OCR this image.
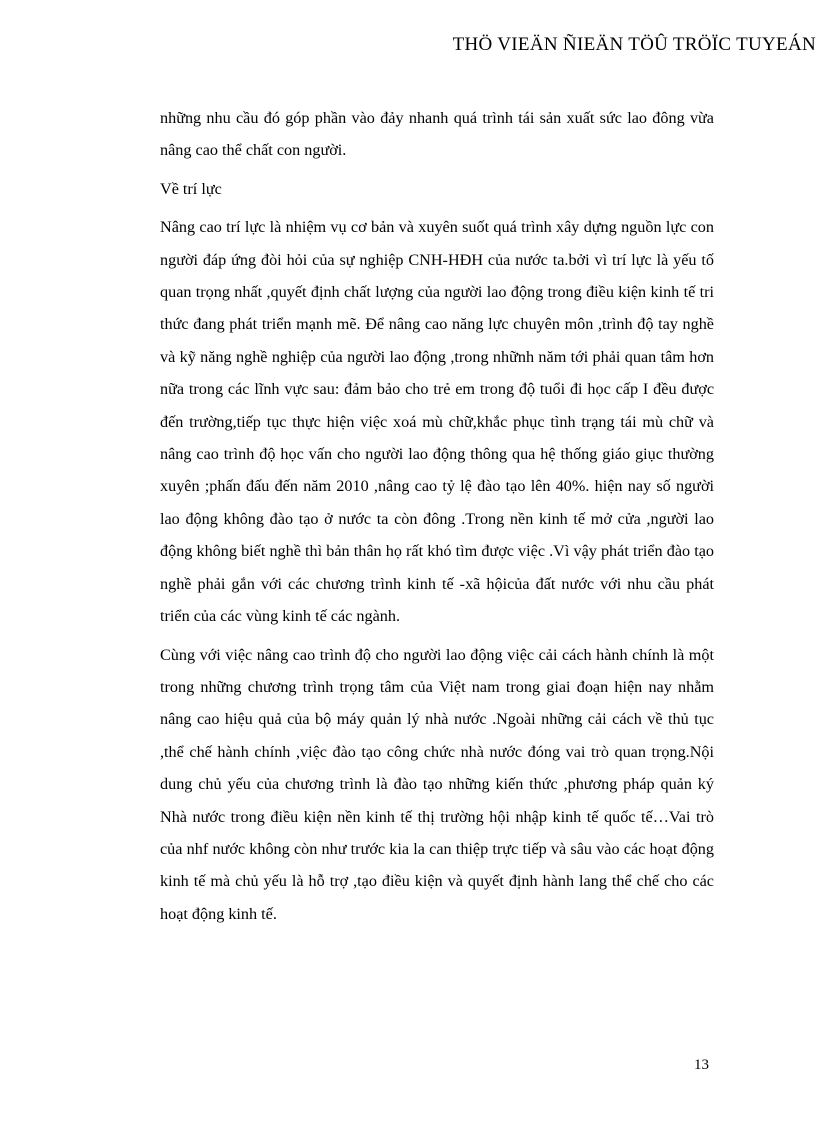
THÖ VIEÄN ÑIEÄN TÖÛ TRÖÏC TUYEÁN

những nhu cầu đó góp phần vào đảy nhanh quá trình tái sản xuất sức lao đông vừa nâng cao thể chất con người.

Về trí lực

Nâng cao trí lực là nhiệm vụ cơ bản và xuyên suốt quá trình xây dựng nguồn lực con người đáp ứng đòi hỏi của sự nghiệp CNH-HĐH của nước ta.bởi vì trí lực là yếu tố quan trọng nhất ,quyết định chất lượng của người lao động trong điều kiện kinh tế tri thức đang phát triển mạnh mẽ. Để nâng cao năng lực chuyên môn ,trình độ tay nghề và kỹ năng nghề nghiệp của người lao động ,trong nhữnh năm tới phải quan tâm hơn nữa trong các lĩnh vực sau: đảm bảo cho trẻ em trong độ tuổi đi học cấp I đều được đến trường,tiếp tục thực hiện việc xoá mù chữ,khắc phục tình trạng tái mù chữ và nâng cao trình độ học vấn cho người lao động thông qua hệ thống giáo giục thường xuyên ;phấn đấu đến năm 2010 ,nâng cao tỷ lệ đào tạo lên 40%. hiện nay số người lao động không đào tạo ở nước ta còn đông .Trong nền kinh tế mở cửa ,người lao động không biết nghề thì bản thân họ rất khó tìm được việc .Vì vậy phát triển đào tạo nghề phải gắn với các chương trình kinh tế -xã hộicủa đất nước với nhu cầu phát triển của các vùng kinh tế các ngành.

Cùng với việc nâng cao trình độ cho người lao động việc cải cách hành chính là một trong những chương trình trọng tâm của Việt nam trong giai đoạn hiện nay nhằm nâng cao hiệu quả của bộ máy quản lý nhà nước .Ngoài những cải cách về thủ tục ,thể chế hành chính ,việc đào tạo công chức nhà nước đóng vai trò quan trọng.Nội dung chủ yếu của chương trình là đào tạo những kiến thức ,phương pháp quản ký Nhà nước trong điều kiện nền kinh tế thị trường hội nhập kinh tế quốc tế…Vai trò của nhf nước không còn như trước kia la can thiệp trực tiếp và sâu vào các hoạt động kinh tế mà chủ yếu là hỗ trợ ,tạo điều kiện và quyết định hành lang thể chế cho các hoạt động kinh tế.

13
